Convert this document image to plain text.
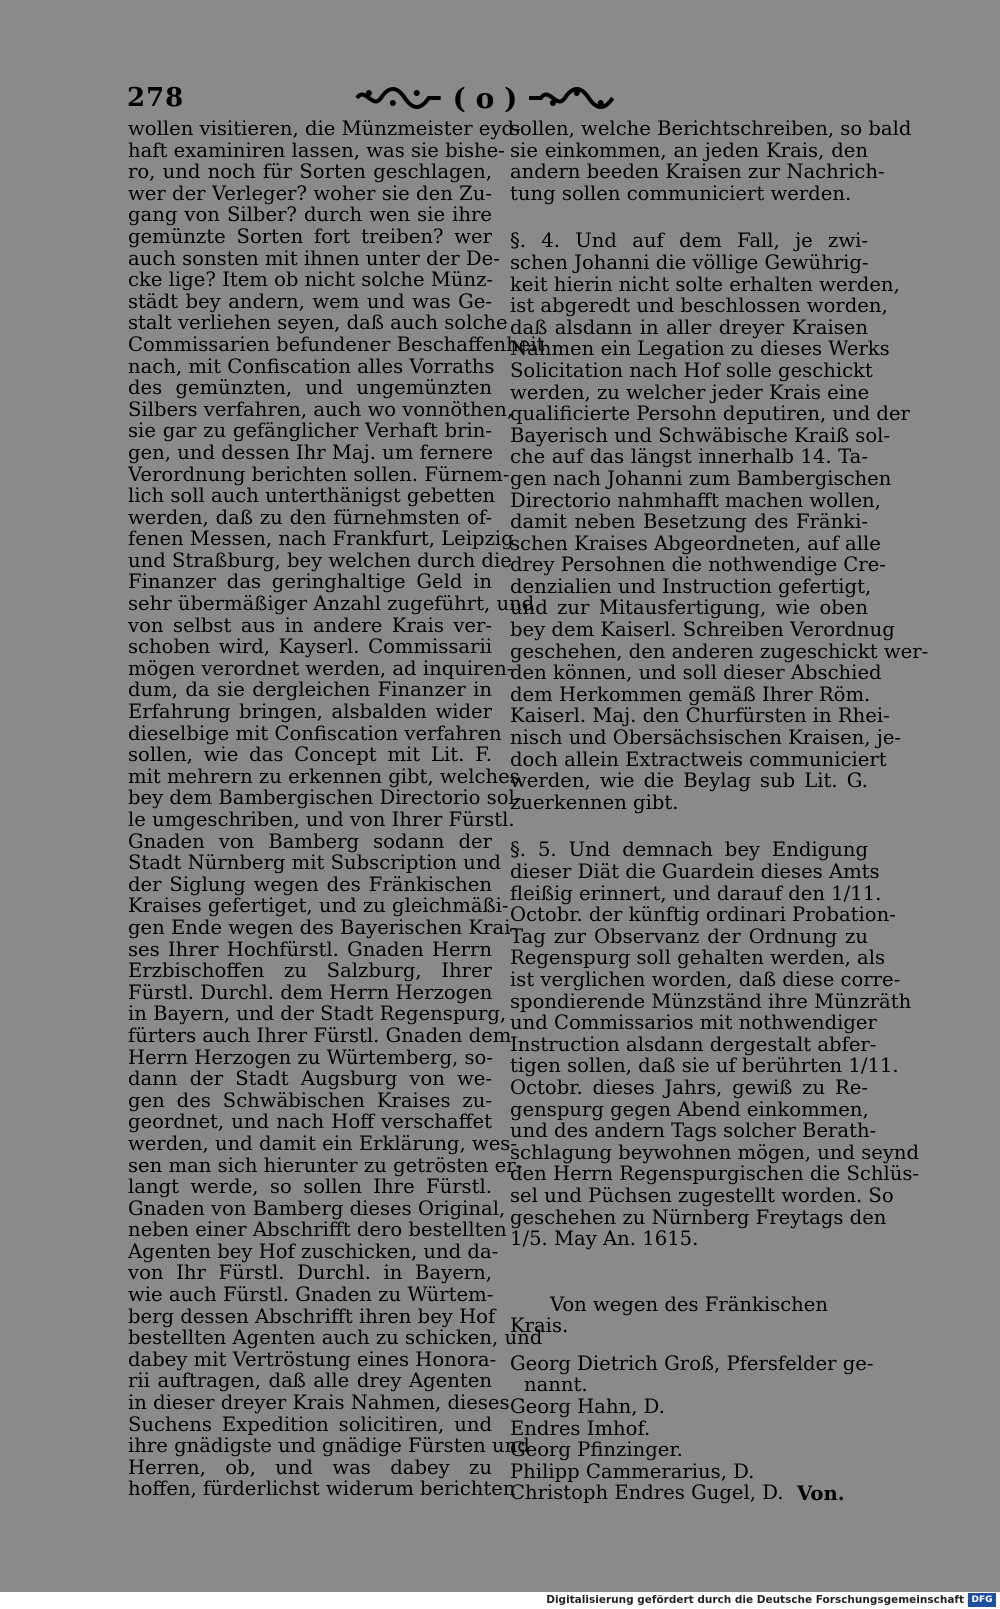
278	( o )
wollen visitieren, die Münzmeister eyd-
haft examiniren lassen, was sie bishe-
ro, und noch für Sorten geschlagen,
wer der Verleger? woher sie den Zu-
gang von Silber? durch wen sie ihre
gemünzte Sorten fort treiben? wer
auch sonsten mit ihnen unter der De-
cke lige? Item ob nicht solche Münz-
städt bey andern, wem und was Ge-
stalt verliehen seyen, daß auch solche
Commissarien befundener Beschaffenheit
nach, mit Confiscation alles Vorraths
des gemünzten, und ungemünzten
Silbers verfahren, auch wo vonnöthen,
sie gar zu gefänglicher Verhaft brin-
gen, und dessen Ihr Maj. um fernere
Verordnung berichten sollen. Fürnem-
lich soll auch unterthänigst gebetten
werden, daß zu den fürnehmsten of-
fenen Messen, nach Frankfurt, Leipzig
und Straßburg, bey welchen durch die
Finanzer das geringhaltige Geld in
sehr übermäßiger Anzahl zugeführt, und
von selbst aus in andere Krais ver-
schoben wird, Kayserl. Commissarii
mögen verordnet werden, ad inquiren-
dum, da sie dergleichen Finanzer in
Erfahrung bringen, alsbalden wider
dieselbige mit Confiscation verfahren
sollen, wie das Concept mit Lit. F.
mit mehrern zu erkennen gibt, welches
bey dem Bambergischen Directorio sol-
le umgeschriben, und von Ihrer Fürstl.
Gnaden von Bamberg sodann der
Stadt Nürnberg mit Subscription und
der Siglung wegen des Fränkischen
Kraises gefertiget, und zu gleichmäßi-
gen Ende wegen des Bayerischen Krai-
ses Ihrer Hochfürstl. Gnaden Herrn
Erzbischoffen zu Salzburg, Ihrer
Fürstl. Durchl. dem Herrn Herzogen
in Bayern, und der Stadt Regenspurg,
fürters auch Ihrer Fürstl. Gnaden dem
Herrn Herzogen zu Würtemberg, so-
dann der Stadt Augsburg von we-
gen des Schwäbischen Kraises zu-
geordnet, und nach Hoff verschaffet
werden, und damit ein Erklärung, wes-
sen man sich hierunter zu getrösten er-
langt werde, so sollen Ihre Fürstl.
Gnaden von Bamberg dieses Original,
neben einer Abschrifft dero bestellten
Agenten bey Hof zuschicken, und da-
von Ihr Fürstl. Durchl. in Bayern,
wie auch Fürstl. Gnaden zu Würtem-
berg dessen Abschrifft ihren bey Hof
bestellten Agenten auch zu schicken, und
dabey mit Vertröstung eines Honora-
rii auftragen, daß alle drey Agenten
in dieser dreyer Krais Nahmen, dieses
Suchens Expedition solicitiren, und
ihre gnädigste und gnädige Fürsten und
Herren, ob, und was dabey zu
hoffen, fürderlichst widerum berichten
sollen, welche Berichtschreiben, so bald
sie einkommen, an jeden Krais, den
andern beeden Kraisen zur Nachrich-
tung sollen communiciert werden.
§. 4. Und auf dem Fall, je zwi-
schen Johanni die völlige Gewührig-
keit hierin nicht solte erhalten werden,
ist abgeredt und beschlossen worden,
daß alsdann in aller dreyer Kraisen
Nahmen ein Legation zu dieses Werks
Solicitation nach Hof solle geschickt
werden, zu welcher jeder Krais eine
qualificierte Persohn deputiren, und der
Bayerisch und Schwäbische Kraiß sol-
che auf das längst innerhalb 14. Ta-
gen nach Johanni zum Bambergischen
Directorio nahmhafft machen wollen,
damit neben Besetzung des Fränki-
schen Kraises Abgeordneten, auf alle
drey Persohnen die nothwendige Cre-
denzialien und Instruction gefertigt,
und zur Mitausfertigung, wie oben
bey dem Kaiserl. Schreiben Verordnug
geschehen, den anderen zugeschickt wer-
den können, und soll dieser Abschied
dem Herkommen gemäß Ihrer Röm.
Kaiserl. Maj. den Churfürsten in Rhei-
nisch und Obersächsischen Kraisen, je-
doch allein Extractweis communiciert
werden, wie die Beylag sub Lit. G.
zuerkennen gibt.
§. 5. Und demnach bey Endigung
dieser Diät die Guardein dieses Amts
fleißig erinnert, und darauf den 1/11.
Octobr. der künftig ordinari Probation-
Tag zur Observanz der Ordnung zu
Regenspurg soll gehalten werden, als
ist verglichen worden, daß diese corre-
spondierende Münzständ ihre Münzräth
und Commissarios mit nothwendiger
Instruction alsdann dergestalt abfer-
tigen sollen, daß sie uf berührten 1/11.
Octobr. dieses Jahrs, gewiß zu Re-
genspurg gegen Abend einkommen,
und des andern Tags solcher Berath-
schlagung beywohnen mögen, und seynd
den Herrn Regenspurgischen die Schlüs-
sel und Püchsen zugestellt worden. So
geschehen zu Nürnberg Freytags den
1/5. May An. 1615.
Von wegen des Fränkischen
Krais.
Georg Dietrich Groß, Pfersfelder ge-
nannt.
Georg Hahn, D.
Endres Imhof.
Georg Pfinzinger.
Philipp Cammerarius, D.
Christoph Endres Gugel, D. Von.
Digitalisierung gefördert durch die Deutsche Forschungsgemeinschaft DFG
